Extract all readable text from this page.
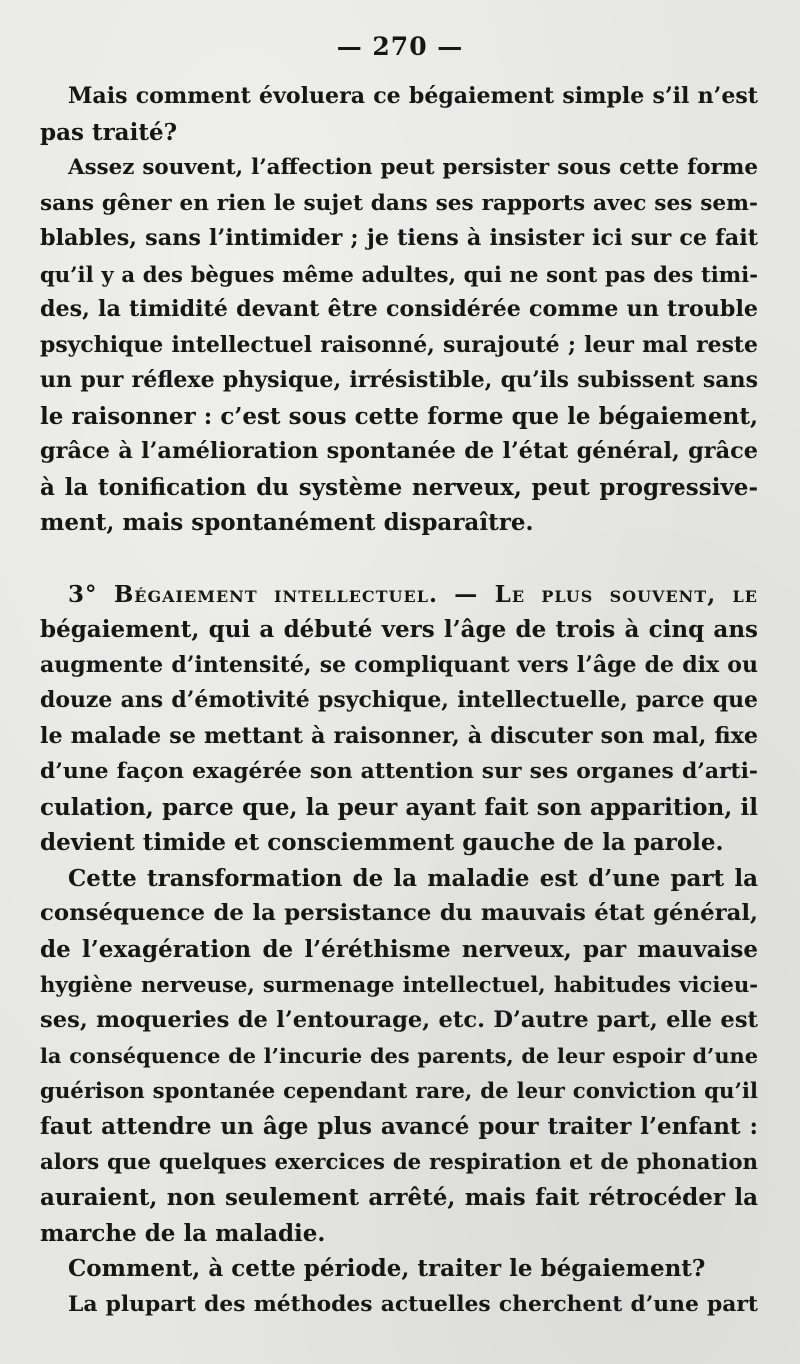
— 270 —
Mais comment évoluera ce bégaiement simple s’il n’est
pas traité?
Assez souvent, l’affection peut persister sous cette forme
sans gêner en rien le sujet dans ses rapports avec ses sem-
blables, sans l’intimider ; je tiens à insister ici sur ce fait
qu’il y a des bègues même adultes, qui ne sont pas des timi-
des, la timidité devant être considérée comme un trouble
psychique intellectuel raisonné, surajouté ; leur mal reste
un pur réflexe physique, irrésistible, qu’ils subissent sans
le raisonner : c’est sous cette forme que le bégaiement,
grâce à l’amélioration spontanée de l’état général, grâce
à la tonification du système nerveux, peut progressive-
ment, mais spontanément disparaître.
3° Bégaiement intellectuel. — Le plus souvent, le
bégaiement, qui a débuté vers l’âge de trois à cinq ans
augmente d’intensité, se compliquant vers l’âge de dix ou
douze ans d’émotivité psychique, intellectuelle, parce que
le malade se mettant à raisonner, à discuter son mal, fixe
d’une façon exagérée son attention sur ses organes d’arti-
culation, parce que, la peur ayant fait son apparition, il
devient timide et consciemment gauche de la parole.
Cette transformation de la maladie est d’une part la
conséquence de la persistance du mauvais état général,
de l’exagération de l’éréthisme nerveux, par mauvaise
hygiène nerveuse, surmenage intellectuel, habitudes vicieu-
ses, moqueries de l’entourage, etc. D’autre part, elle est
la conséquence de l’incurie des parents, de leur espoir d’une
guérison spontanée cependant rare, de leur conviction qu’il
faut attendre un âge plus avancé pour traiter l’enfant :
alors que quelques exercices de respiration et de phonation
auraient, non seulement arrêté, mais fait rétrocéder la
marche de la maladie.
Comment, à cette période, traiter le bégaiement?
La plupart des méthodes actuelles cherchent d’une part
